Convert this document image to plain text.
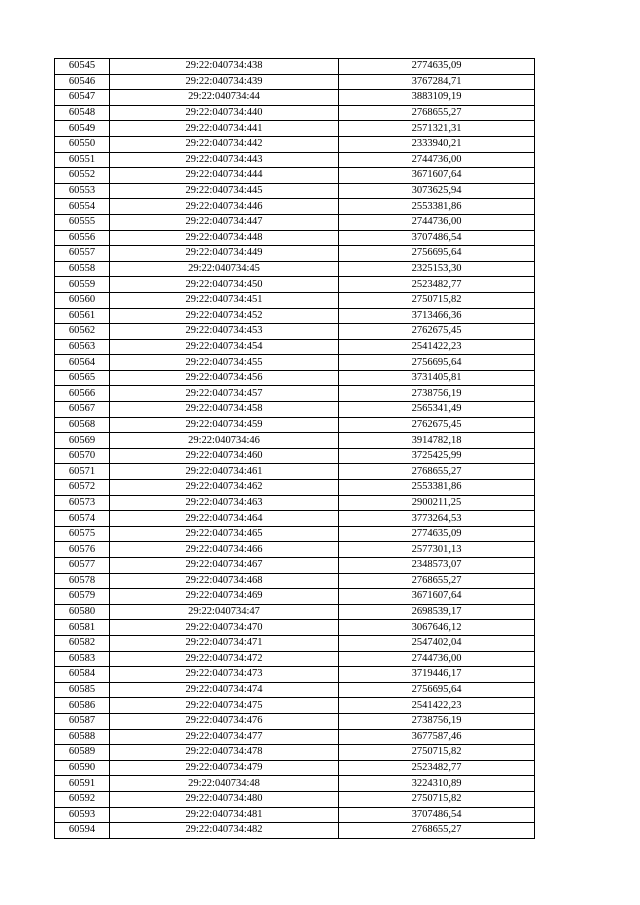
60545	29:22:040734:438	2774635,09
60546	29:22:040734:439	3767284,71
60547	29:22:040734:44	3883109,19
60548	29:22:040734:440	2768655,27
60549	29:22:040734:441	2571321,31
60550	29:22:040734:442	2333940,21
60551	29:22:040734:443	2744736,00
60552	29:22:040734:444	3671607,64
60553	29:22:040734:445	3073625,94
60554	29:22:040734:446	2553381,86
60555	29:22:040734:447	2744736,00
60556	29:22:040734:448	3707486,54
60557	29:22:040734:449	2756695,64
60558	29:22:040734:45	2325153,30
60559	29:22:040734:450	2523482,77
60560	29:22:040734:451	2750715,82
60561	29:22:040734:452	3713466,36
60562	29:22:040734:453	2762675,45
60563	29:22:040734:454	2541422,23
60564	29:22:040734:455	2756695,64
60565	29:22:040734:456	3731405,81
60566	29:22:040734:457	2738756,19
60567	29:22:040734:458	2565341,49
60568	29:22:040734:459	2762675,45
60569	29:22:040734:46	3914782,18
60570	29:22:040734:460	3725425,99
60571	29:22:040734:461	2768655,27
60572	29:22:040734:462	2553381,86
60573	29:22:040734:463	2900211,25
60574	29:22:040734:464	3773264,53
60575	29:22:040734:465	2774635,09
60576	29:22:040734:466	2577301,13
60577	29:22:040734:467	2348573,07
60578	29:22:040734:468	2768655,27
60579	29:22:040734:469	3671607,64
60580	29:22:040734:47	2698539,17
60581	29:22:040734:470	3067646,12
60582	29:22:040734:471	2547402,04
60583	29:22:040734:472	2744736,00
60584	29:22:040734:473	3719446,17
60585	29:22:040734:474	2756695,64
60586	29:22:040734:475	2541422,23
60587	29:22:040734:476	2738756,19
60588	29:22:040734:477	3677587,46
60589	29:22:040734:478	2750715,82
60590	29:22:040734:479	2523482,77
60591	29:22:040734:48	3224310,89
60592	29:22:040734:480	2750715,82
60593	29:22:040734:481	3707486,54
60594	29:22:040734:482	2768655,27
